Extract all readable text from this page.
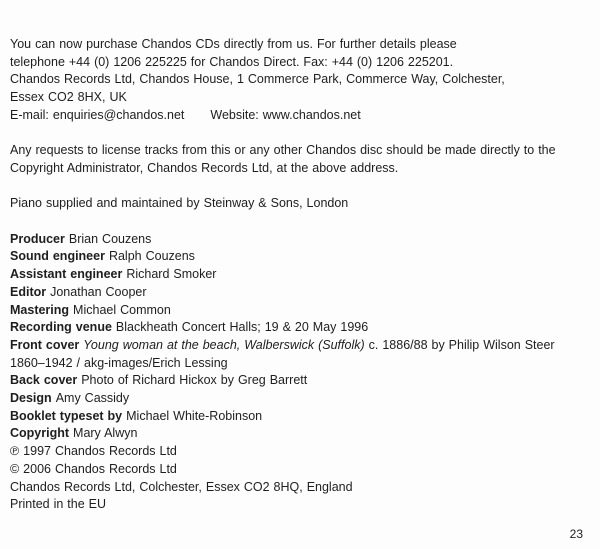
You can now purchase Chandos CDs directly from us. For further details please
telephone +44 (0) 1206 225225 for Chandos Direct. Fax: +44 (0) 1206 225201.
Chandos Records Ltd, Chandos House, 1 Commerce Park, Commerce Way, Colchester,
Essex CO2 8HX, UK
E-mail: enquiries@chandos.net Website: www.chandos.net
Any requests to license tracks from this or any other Chandos disc should be made directly to the
Copyright Administrator, Chandos Records Ltd, at the above address.
Piano supplied and maintained by Steinway & Sons, London
Producer Brian Couzens
Sound engineer Ralph Couzens
Assistant engineer Richard Smoker
Editor Jonathan Cooper
Mastering Michael Common
Recording venue Blackheath Concert Halls; 19 & 20 May 1996
Front cover Young woman at the beach, Walberswick (Suffolk) c. 1886/88 by Philip Wilson Steer
1860–1942 / akg-images/Erich Lessing
Back cover Photo of Richard Hickox by Greg Barrett
Design Amy Cassidy
Booklet typeset by Michael White-Robinson
Copyright Mary Alwyn
℗ 1997 Chandos Records Ltd
© 2006 Chandos Records Ltd
Chandos Records Ltd, Colchester, Essex CO2 8HQ, England
Printed in the EU
23
